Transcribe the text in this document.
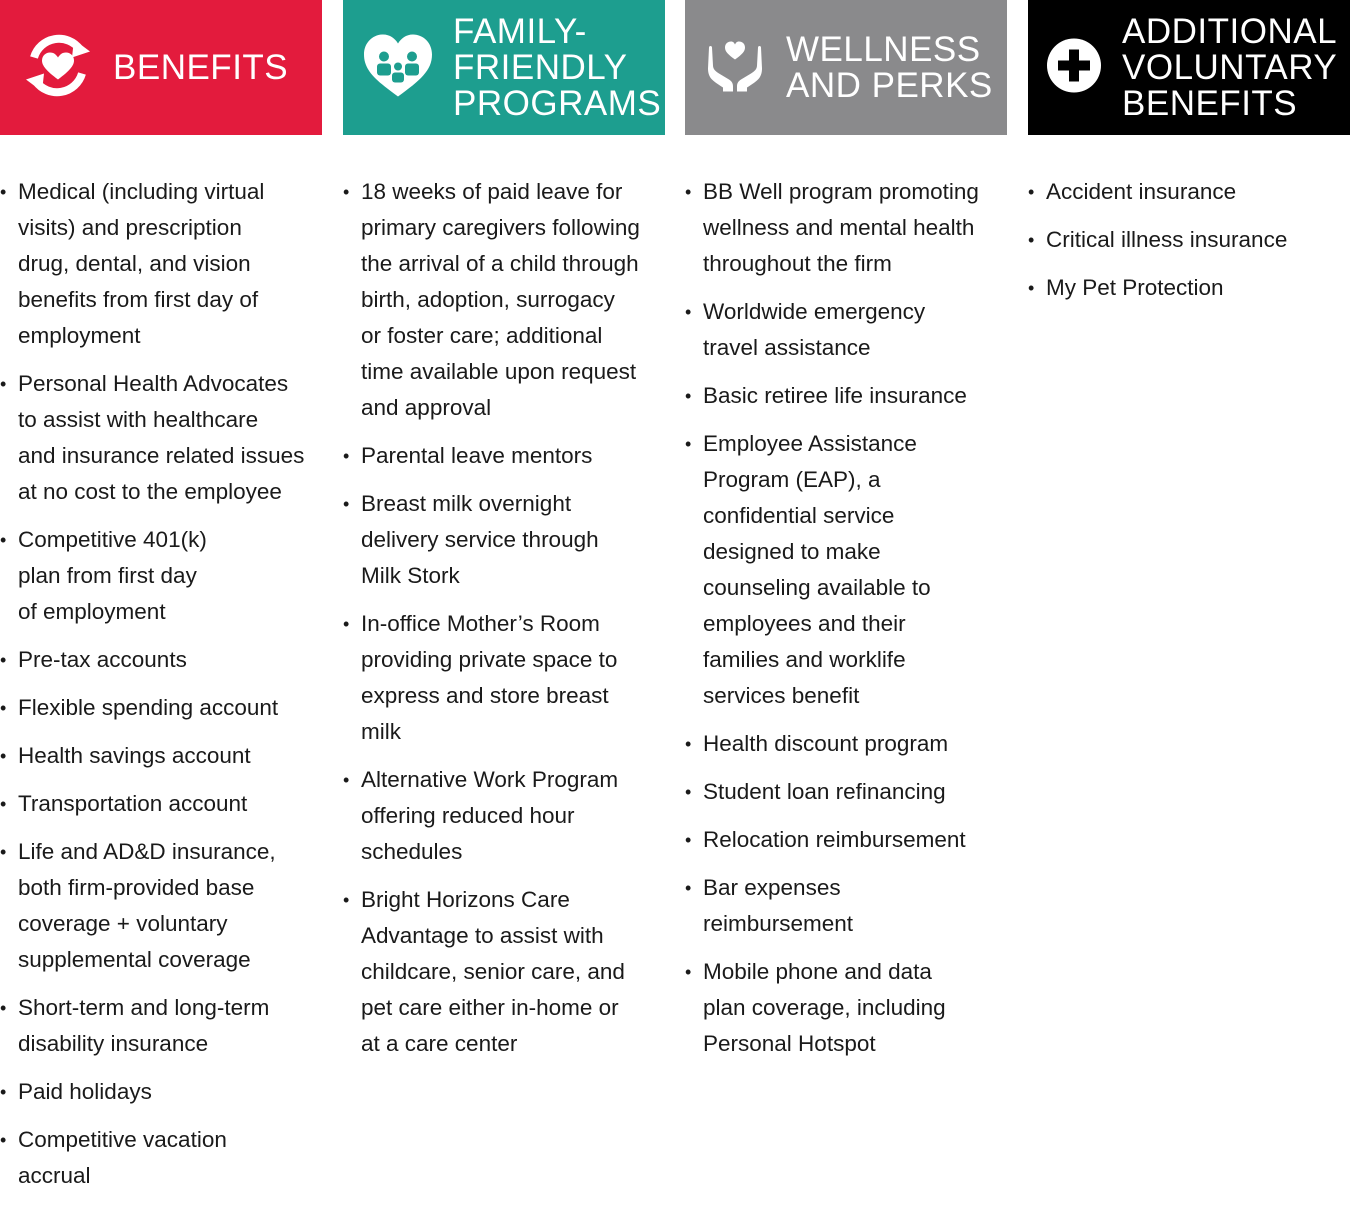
BENEFITS
• Medical (including virtual
visits) and prescription
drug, dental, and vision
benefits from first day of
employment
• Personal Health Advocates
to assist with healthcare
and insurance related issues
at no cost to the employee
• Competitive 401(k)
plan from first day
of employment
• Pre-tax accounts
• Flexible spending account
• Health savings account
• Transportation account
• Life and AD&D insurance,
both firm-provided base
coverage + voluntary
supplemental coverage
• Short-term and long-term
disability insurance
• Paid holidays
• Competitive vacation
accrual
FAMILY-
FRIENDLY
PROGRAMS
• 18 weeks of paid leave for
primary caregivers following
the arrival of a child through
birth, adoption, surrogacy
or foster care; additional
time available upon request
and approval
• Parental leave mentors
• Breast milk overnight
delivery service through
Milk Stork
• In-office Mother’s Room
providing private space to
express and store breast
milk
• Alternative Work Program
offering reduced hour
schedules
• Bright Horizons Care
Advantage to assist with
childcare, senior care, and
pet care either in-home or
at a care center
WELLNESS
AND PERKS
• BB Well program promoting
wellness and mental health
throughout the firm
• Worldwide emergency
travel assistance
• Basic retiree life insurance
• Employee Assistance
Program (EAP), a
confidential service
designed to make
counseling available to
employees and their
families and worklife
services benefit
• Health discount program
• Student loan refinancing
• Relocation reimbursement
• Bar expenses
reimbursement
• Mobile phone and data
plan coverage, including
Personal Hotspot
ADDITIONAL
VOLUNTARY
BENEFITS
• Accident insurance
• Critical illness insurance
• My Pet Protection
